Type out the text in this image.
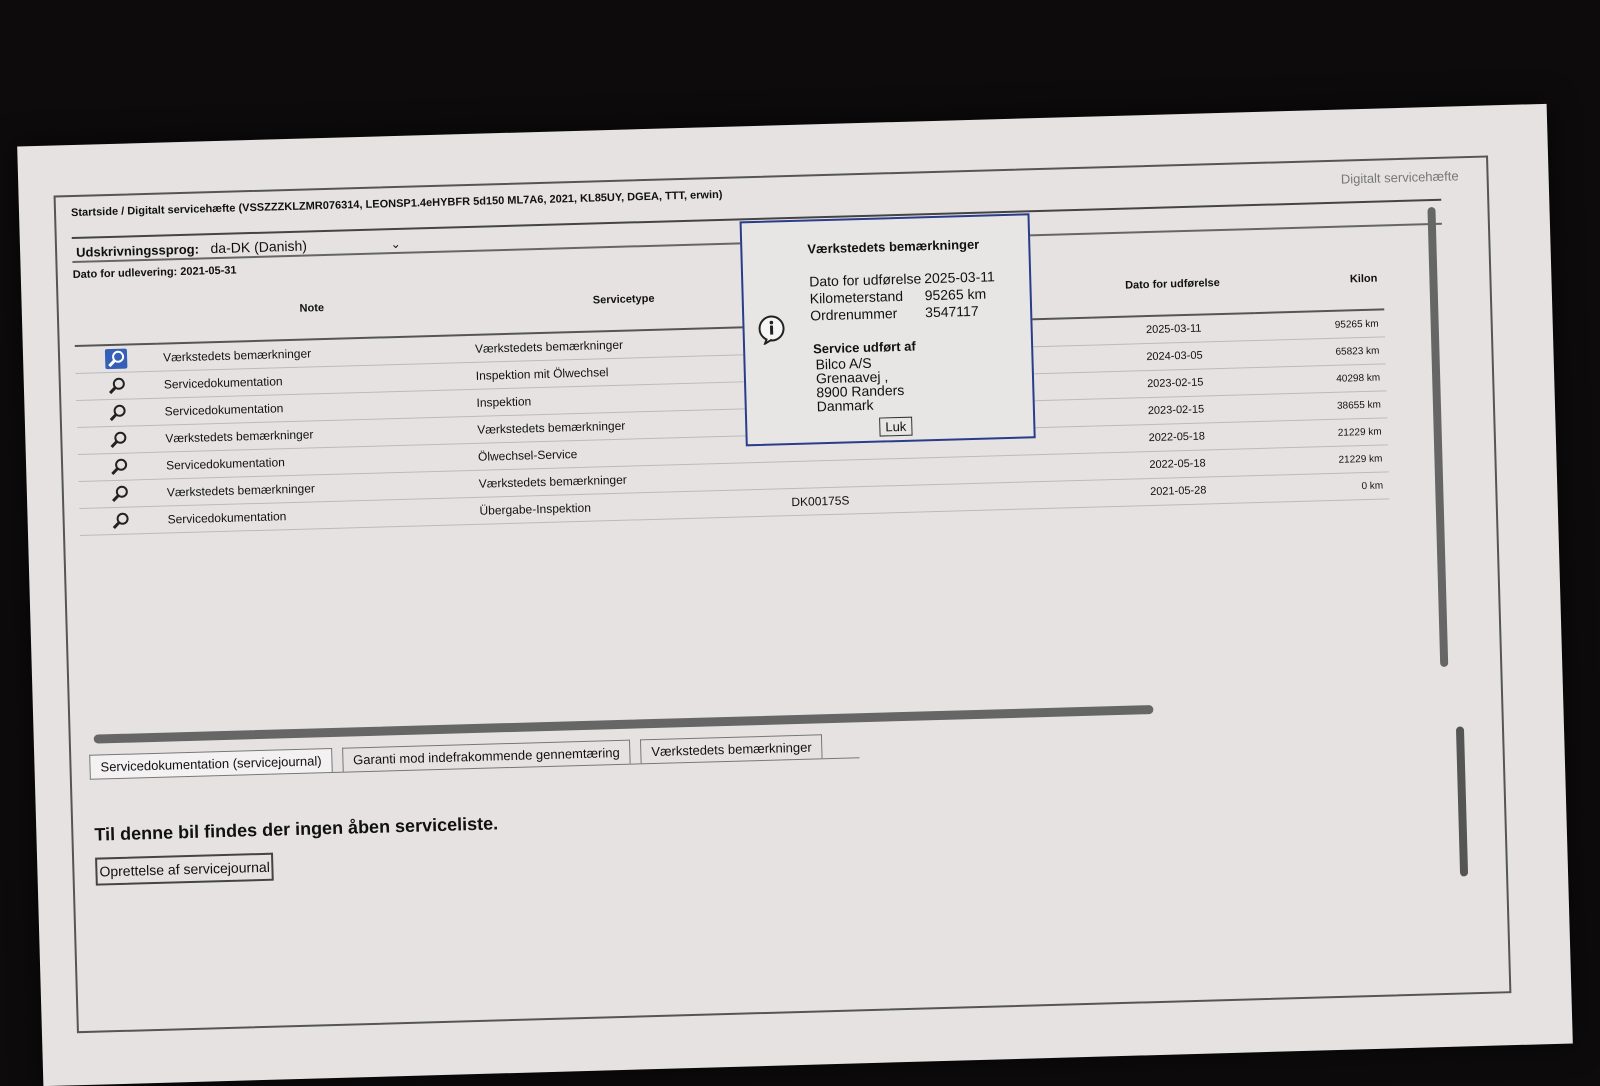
Startside / Digitalt servicehæfte (VSSZZZKLZMR076314, LEONSP1.4eHYBFR 5d150 ML7A6, 2021, KL85UY, DGEA, TTT, erwin)
Digitalt servicehæfte
Udskrivningssprog: da-DK (Danish)	⌄
Dato for udlevering: 2021-05-31
	Note	Servicetype		Dato for udførelse	Kilon
	Værkstedets bemærkninger	Værkstedets bemærkninger		2025-03-11	95265 km
	Servicedokumentation	Inspektion mit Ölwechsel		2024-03-05	65823 km
	Servicedokumentation	Inspektion		2023-02-15	40298 km
	Værkstedets bemærkninger	Værkstedets bemærkninger		2023-02-15	38655 km
	Servicedokumentation	Ölwechsel-Service		2022-05-18	21229 km
	Værkstedets bemærkninger	Værkstedets bemærkninger		2022-05-18	21229 km
	Servicedokumentation	Übergabe-Inspektion	DK00175S	2021-05-28	0 km
Servicedokumentation (servicejournal) Garanti mod indefrakommende gennemtæring Værkstedets bemærkninger
Til denne bil findes der ingen åben serviceliste.
Oprettelse af servicejournal
Værkstedets bemærkninger
Dato for udførelse 2025-03-11
Kilometerstand 95265 km
Ordrenummer 3547117
Service udført af
Bilco A/S
Grenaavej ,
8900 Randers
Danmark
Luk
